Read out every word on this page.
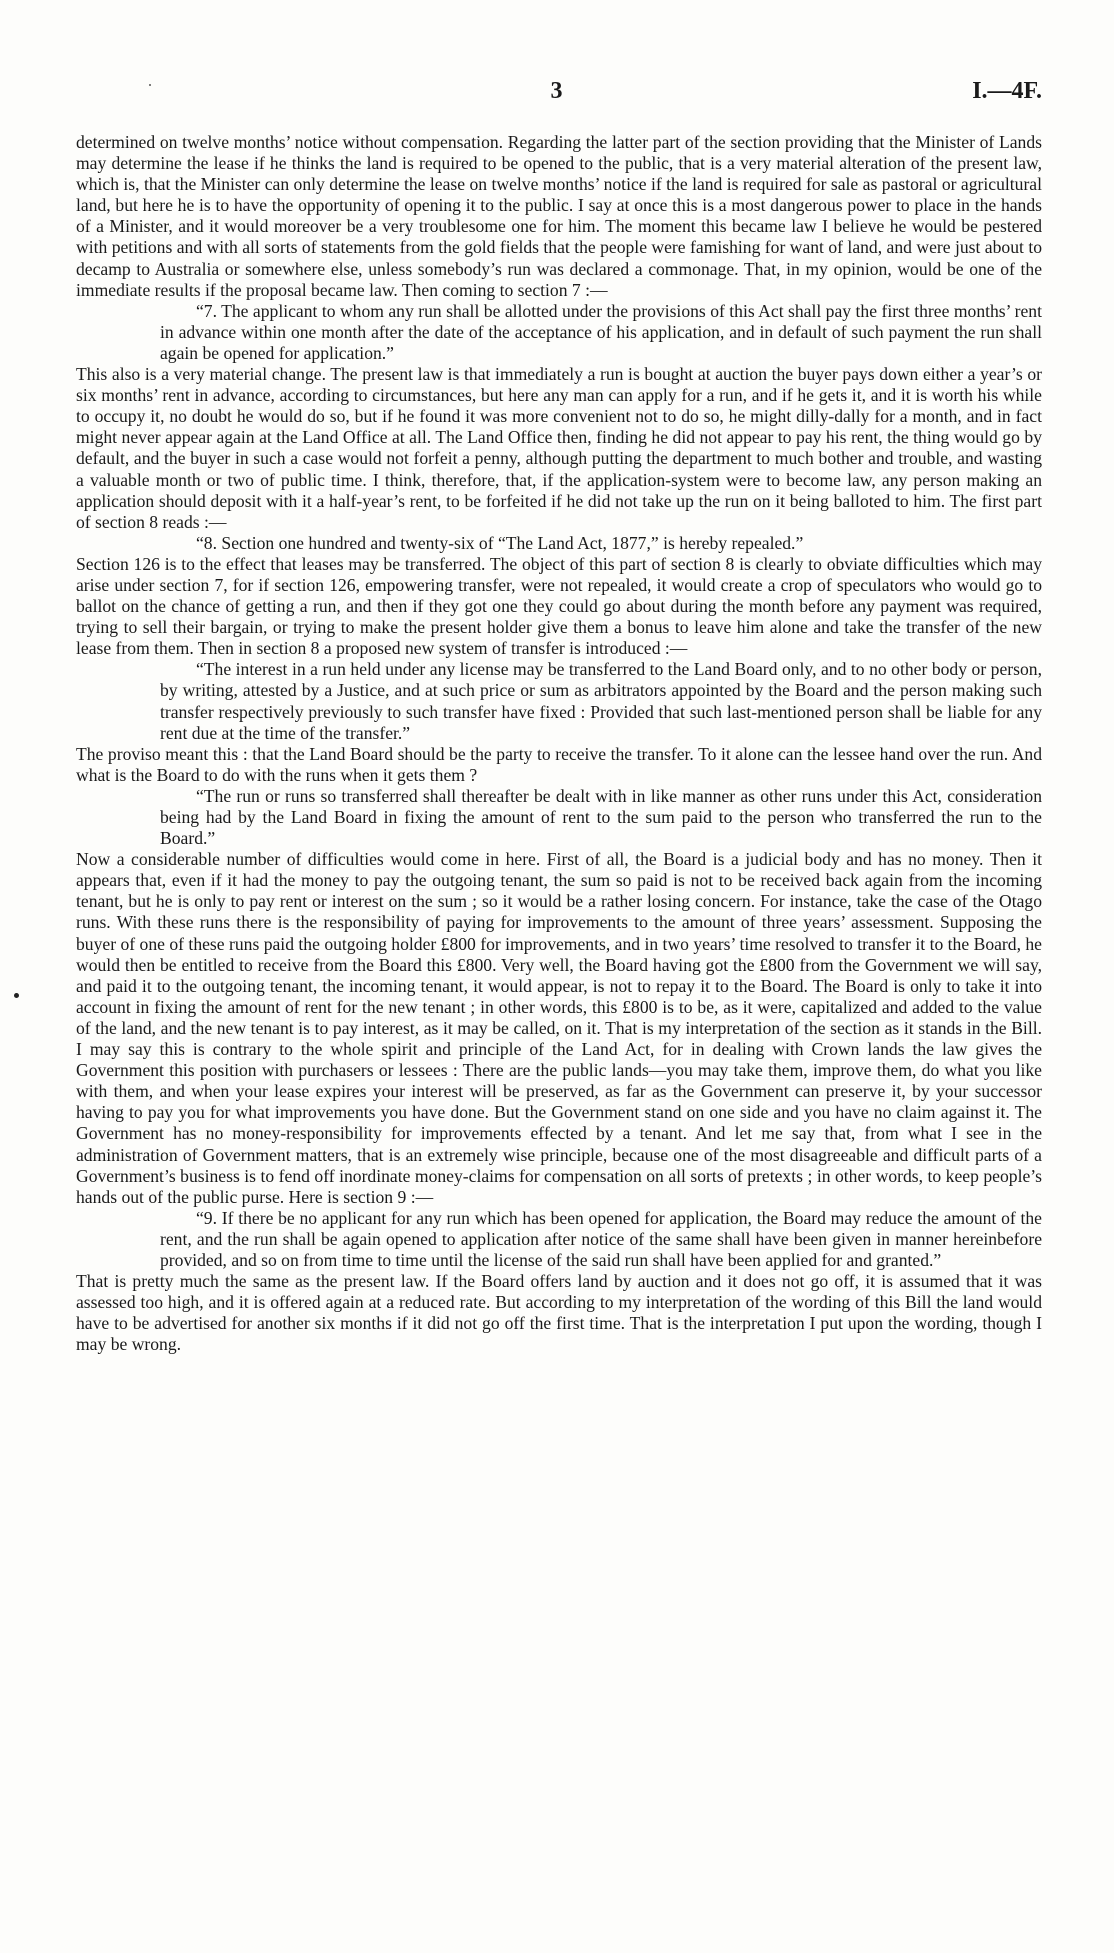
3	I.—4F.

determined on twelve months’ notice without compensation. Regarding the latter part of the section providing that the Minister of Lands may determine the lease if he thinks the land is required to be opened to the public, that is a very material alteration of the present law, which is, that the Minister can only determine the lease on twelve months’ notice if the land is required for sale as pastoral or agricultural land, but here he is to have the opportunity of opening it to the public. I say at once this is a most dangerous power to place in the hands of a Minister, and it would moreover be a very troublesome one for him. The moment this became law I believe he would be pestered with petitions and with all sorts of statements from the gold fields that the people were famishing for want of land, and were just about to decamp to Australia or somewhere else, unless somebody’s run was declared a commonage. That, in my opinion, would be one of the immediate results if the proposal became law. Then coming to section 7 :—

“7. The applicant to whom any run shall be allotted under the provisions of this Act shall pay the first three months’ rent in advance within one month after the date of the acceptance of his application, and in default of such payment the run shall again be opened for application.”

This also is a very material change. The present law is that immediately a run is bought at auction the buyer pays down either a year’s or six months’ rent in advance, according to circumstances, but here any man can apply for a run, and if he gets it, and it is worth his while to occupy it, no doubt he would do so, but if he found it was more convenient not to do so, he might dilly-dally for a month, and in fact might never appear again at the Land Office at all. The Land Office then, finding he did not appear to pay his rent, the thing would go by default, and the buyer in such a case would not forfeit a penny, although putting the department to much bother and trouble, and wasting a valuable month or two of public time. I think, therefore, that, if the application-system were to become law, any person making an application should deposit with it a half-year’s rent, to be forfeited if he did not take up the run on it being balloted to him. The first part of section 8 reads :—

“8. Section one hundred and twenty-six of “The Land Act, 1877,” is hereby repealed.”

Section 126 is to the effect that leases may be transferred. The object of this part of section 8 is clearly to obviate difficulties which may arise under section 7, for if section 126, empowering transfer, were not repealed, it would create a crop of speculators who would go to ballot on the chance of getting a run, and then if they got one they could go about during the month before any payment was required, trying to sell their bargain, or trying to make the present holder give them a bonus to leave him alone and take the transfer of the new lease from them. Then in section 8 a proposed new system of transfer is introduced :—

“The interest in a run held under any license may be transferred to the Land Board only, and to no other body or person, by writing, attested by a Justice, and at such price or sum as arbitrators appointed by the Board and the person making such transfer respectively previously to such transfer have fixed : Provided that such last-mentioned person shall be liable for any rent due at the time of the transfer.”

The proviso meant this : that the Land Board should be the party to receive the transfer. To it alone can the lessee hand over the run. And what is the Board to do with the runs when it gets them ?

“The run or runs so transferred shall thereafter be dealt with in like manner as other runs under this Act, consideration being had by the Land Board in fixing the amount of rent to the sum paid to the person who transferred the run to the Board.”

Now a considerable number of difficulties would come in here. First of all, the Board is a judicial body and has no money. Then it appears that, even if it had the money to pay the outgoing tenant, the sum so paid is not to be received back again from the incoming tenant, but he is only to pay rent or interest on the sum ; so it would be a rather losing concern. For instance, take the case of the Otago runs. With these runs there is the responsibility of paying for improvements to the amount of three years’ assessment. Supposing the buyer of one of these runs paid the outgoing holder £800 for improvements, and in two years’ time resolved to transfer it to the Board, he would then be entitled to receive from the Board this £800. Very well, the Board having got the £800 from the Government we will say, and paid it to the outgoing tenant, the incoming tenant, it would appear, is not to repay it to the Board. The Board is only to take it into account in fixing the amount of rent for the new tenant ; in other words, this £800 is to be, as it were, capitalized and added to the value of the land, and the new tenant is to pay interest, as it may be called, on it. That is my interpretation of the section as it stands in the Bill. I may say this is contrary to the whole spirit and principle of the Land Act, for in dealing with Crown lands the law gives the Government this position with purchasers or lessees : There are the public lands—you may take them, improve them, do what you like with them, and when your lease expires your interest will be preserved, as far as the Government can preserve it, by your successor having to pay you for what improvements you have done. But the Government stand on one side and you have no claim against it. The Government has no money-responsibility for improvements effected by a tenant. And let me say that, from what I see in the administration of Government matters, that is an extremely wise principle, because one of the most disagreeable and difficult parts of a Government’s business is to fend off inordinate money-claims for compensation on all sorts of pretexts ; in other words, to keep people’s hands out of the public purse. Here is section 9 :—

“9. If there be no applicant for any run which has been opened for application, the Board may reduce the amount of the rent, and the run shall be again opened to application after notice of the same shall have been given in manner hereinbefore provided, and so on from time to time until the license of the said run shall have been applied for and granted.”

That is pretty much the same as the present law. If the Board offers land by auction and it does not go off, it is assumed that it was assessed too high, and it is offered again at a reduced rate. But according to my interpretation of the wording of this Bill the land would have to be advertised for another six months if it did not go off the first time. That is the interpretation I put upon the wording, though I may be wrong.
